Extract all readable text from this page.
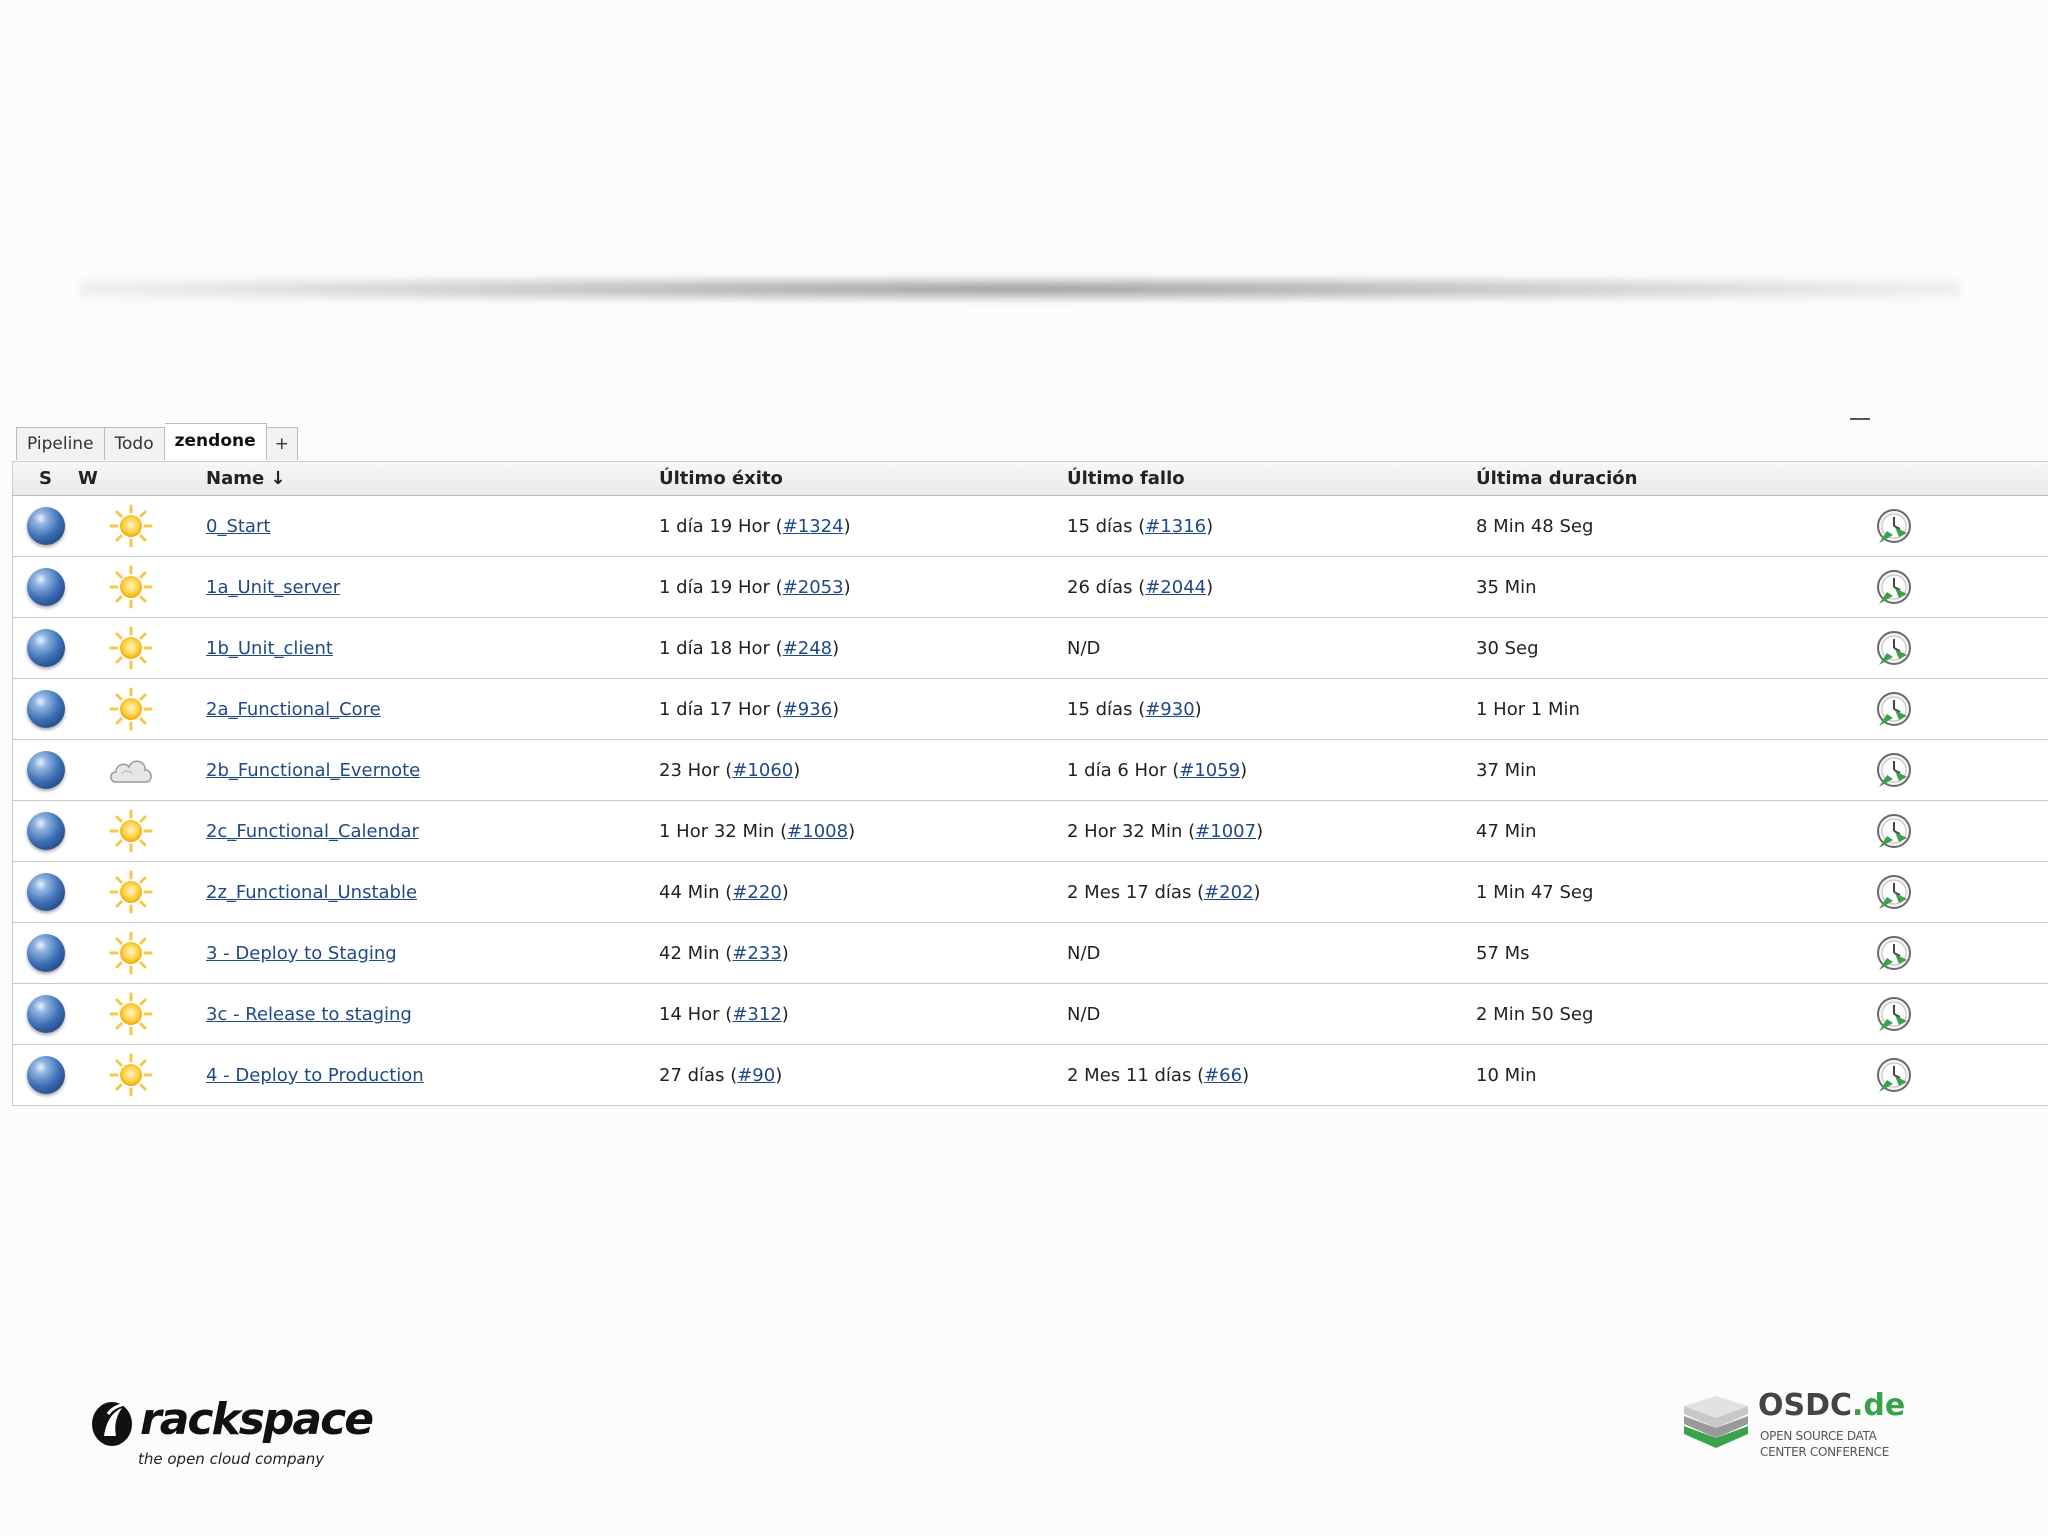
Pipeline	Todo	zendone	+
S	W	Name ↓	Último éxito	Último fallo	Última duración	
		0_Start	1 día 19 Hor (#1324)	15 días (#1316)	8 Min 48 Seg	
		1a_Unit_server	1 día 19 Hor (#2053)	26 días (#2044)	35 Min	
		1b_Unit_client	1 día 18 Hor (#248)	N/D	30 Seg	
		2a_Functional_Core	1 día 17 Hor (#936)	15 días (#930)	1 Hor 1 Min	
		2b_Functional_Evernote	23 Hor (#1060)	1 día 6 Hor (#1059)	37 Min	
		2c_Functional_Calendar	1 Hor 32 Min (#1008)	2 Hor 32 Min (#1007)	47 Min	
		2z_Functional_Unstable	44 Min (#220)	2 Mes 17 días (#202)	1 Min 47 Seg	
		3 - Deploy to Staging	42 Min (#233)	N/D	57 Ms	
		3c - Release to staging	14 Hor (#312)	N/D	2 Min 50 Seg	
		4 - Deploy to Production	27 días (#90)	2 Mes 11 días (#66)	10 Min	
rackspace
the open cloud company
OSDC.de
OPEN SOURCE DATA
CENTER CONFERENCE
